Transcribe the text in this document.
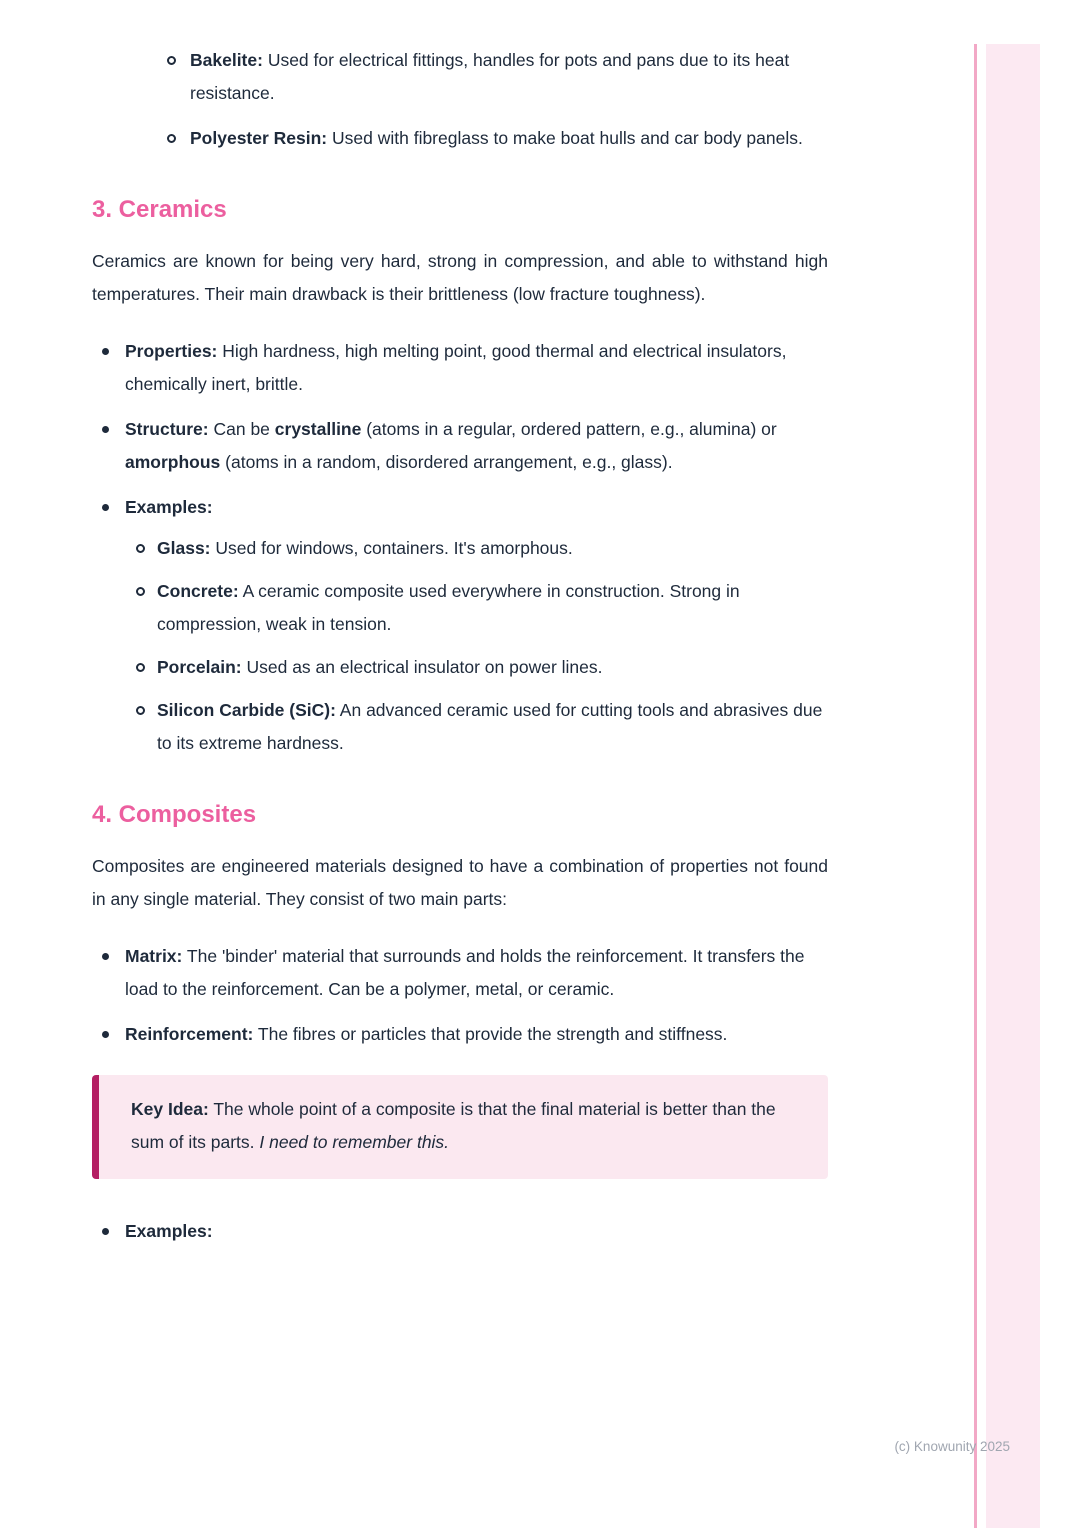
Bakelite: Used for electrical fittings, handles for pots and pans due to its heat resistance.
Polyester Resin: Used with fibreglass to make boat hulls and car body panels.
3. Ceramics

Ceramics are known for being very hard, strong in compression, and able to withstand high temperatures. Their main drawback is their brittleness (low fracture toughness).

Properties: High hardness, high melting point, good thermal and electrical insulators, chemically inert, brittle.
Structure: Can be crystalline (atoms in a regular, ordered pattern, e.g., alumina) or amorphous (atoms in a random, disordered arrangement, e.g., glass).
Examples:
Glass: Used for windows, containers. It's amorphous.
Concrete: A ceramic composite used everywhere in construction. Strong in compression, weak in tension.
Porcelain: Used as an electrical insulator on power lines.
Silicon Carbide (SiC): An advanced ceramic used for cutting tools and abrasives due to its extreme hardness.
4. Composites

Composites are engineered materials designed to have a combination of properties not found in any single material. They consist of two main parts:

Matrix: The 'binder' material that surrounds and holds the reinforcement. It transfers the load to the reinforcement. Can be a polymer, metal, or ceramic.
Reinforcement: The fibres or particles that provide the strength and stiffness.
Key Idea: The whole point of a composite is that the final material is better than the sum of its parts. I need to remember this.
Examples:
(c) Knowunity 2025
